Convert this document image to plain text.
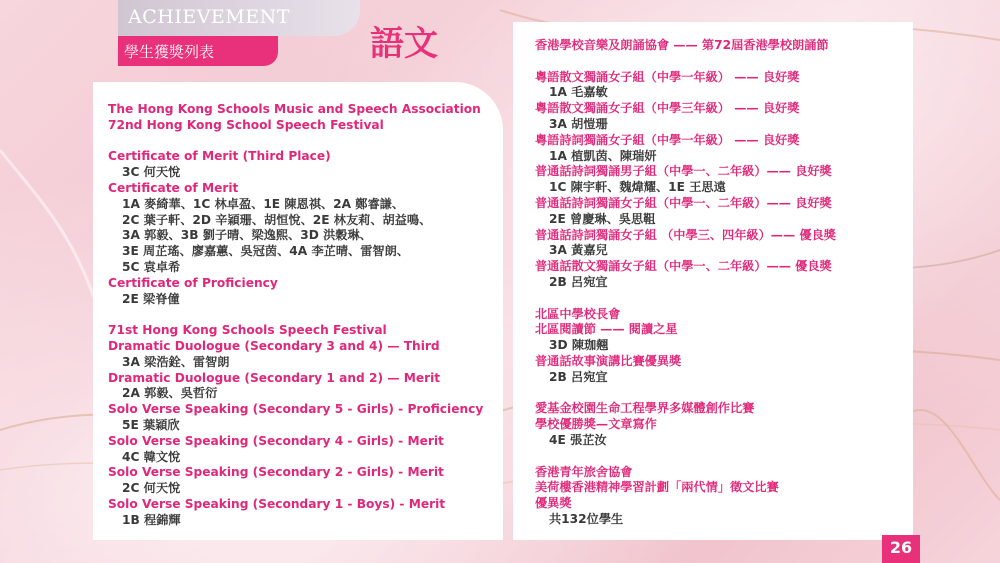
ACHIEVEMENT
學生獲獎列表	語文
The Hong Kong Schools Music and Speech Association
72nd Hong Kong School Speech Festival
Certificate of Merit (Third Place)
3C 何天悅
Certificate of Merit
1A 麥綺華、1C 林卓盈、1E 陳恩祺、2A 鄭睿謙、
2C 葉子軒、2D 辛穎珊、胡恒悅、2E 林友莉、胡益鳴、
3A 郭毅、3B 劉子晴、梁逸熙、3D 洪穀琳、
3E 周芷瑤、廖嘉蕙、吳冠茵、4A 李芷晴、雷智朗、
5C 袁卓希
Certificate of Proficiency
2E 梁脊僮
71st Hong Kong Schools Speech Festival
Dramatic Duologue (Secondary 3 and 4) — Third
3A 梁浩銓、雷智朗
Dramatic Duologue (Secondary 1 and 2) — Merit
2A 郭毅、吳哲衍
Solo Verse Speaking (Secondary 5 - Girls) - Proficiency
5E 葉穎欣
Solo Verse Speaking (Secondary 4 - Girls) - Merit
4C 韓文悅
Solo Verse Speaking (Secondary 2 - Girls) - Merit
2C 何天悅
Solo Verse Speaking (Secondary 1 - Boys) - Merit
1B 程錦輝
香港學校音樂及朗誦協會 —— 第72屆香港學校朗誦節
粵語散文獨誦女子組（中學一年級） —— 良好獎
1A 毛嘉敏
粵語散文獨誦女子組（中學三年級） —— 良好獎
3A 胡愷珊
粵語詩詞獨誦女子組（中學一年級） —— 良好獎
1A 植凱茵、陳瑞妍
普通話詩詞獨誦男子組（中學一、二年級）—— 良好獎
1C 陳宇軒、魏煒耀、1E 王思遠
普通話詩詞獨誦女子組（中學一、二年級）—— 良好獎
2E 曾慶琳、吳思靻
普通話詩詞獨誦女子組 （中學三、四年級）—— 優良獎
3A 黃嘉兒
普通話散文獨誦女子組（中學一、二年級）—— 優良獎
2B 呂宛宜
北區中學校長會
北區閱讀節 —— 閱讀之星
3D 陳珈翹
普通話故事演講比賽優異獎
2B 呂宛宜
愛基金校園生命工程學界多媒體創作比賽
學校優勝獎—文章寫作
4E 張芷汝
香港青年旅舍協會
美荷樓香港精神學習計劃「兩代情」徵文比賽
優異獎
共132位學生
26
